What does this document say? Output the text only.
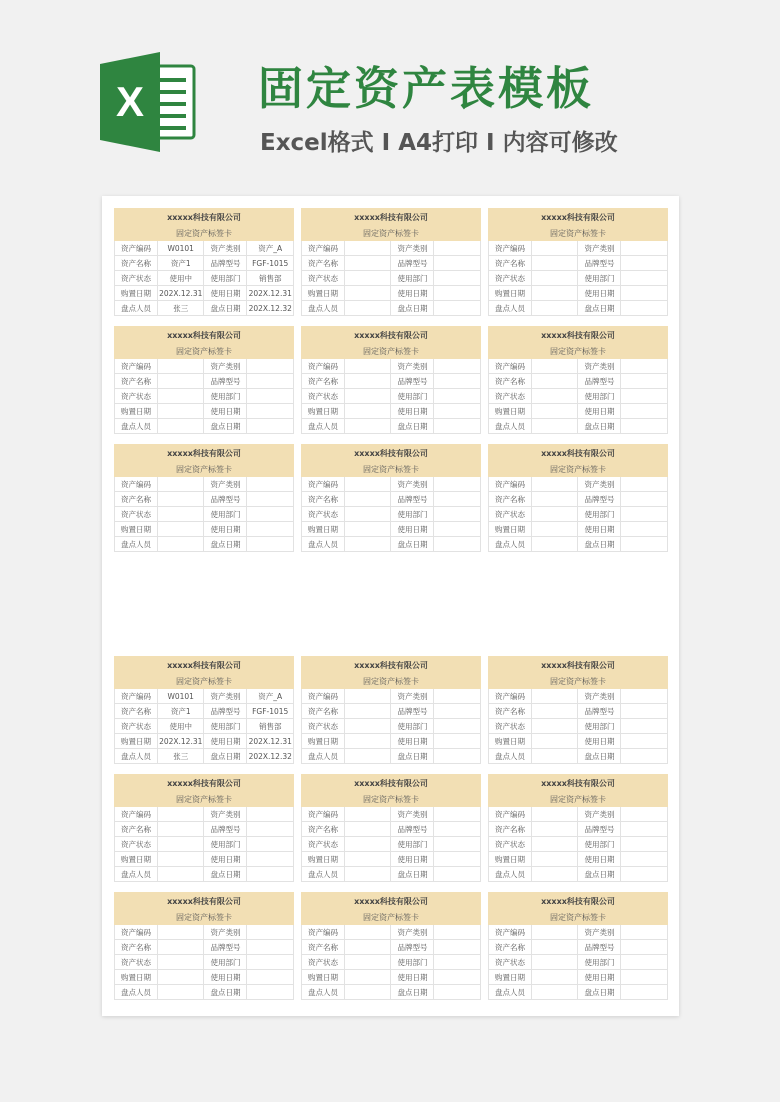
X	固定资产表模板
Excel格式 I A4打印 I 内容可修改
xxxxx科技有限公司			
固定资产标签卡			
资产编码	W0101	资产类别	资产_A
资产名称	资产1	品牌型号	FGF-1015
资产状态	使用中	使用部门	销售部
购置日期	202X.12.31	使用日期	202X.12.31
盘点人员	张三	盘点日期	202X.12.32
xxxxx科技有限公司			
固定资产标签卡			
资产编码		资产类别	
资产名称		品牌型号	
资产状态		使用部门	
购置日期		使用日期	
盘点人员		盘点日期	
xxxxx科技有限公司			
固定资产标签卡			
资产编码		资产类别	
资产名称		品牌型号	
资产状态		使用部门	
购置日期		使用日期	
盘点人员		盘点日期	
xxxxx科技有限公司			
固定资产标签卡			
资产编码		资产类别	
资产名称		品牌型号	
资产状态		使用部门	
购置日期		使用日期	
盘点人员		盘点日期	
xxxxx科技有限公司			
固定资产标签卡			
资产编码		资产类别	
资产名称		品牌型号	
资产状态		使用部门	
购置日期		使用日期	
盘点人员		盘点日期	
xxxxx科技有限公司			
固定资产标签卡			
资产编码		资产类别	
资产名称		品牌型号	
资产状态		使用部门	
购置日期		使用日期	
盘点人员		盘点日期	
xxxxx科技有限公司			
固定资产标签卡			
资产编码		资产类别	
资产名称		品牌型号	
资产状态		使用部门	
购置日期		使用日期	
盘点人员		盘点日期	
xxxxx科技有限公司			
固定资产标签卡			
资产编码		资产类别	
资产名称		品牌型号	
资产状态		使用部门	
购置日期		使用日期	
盘点人员		盘点日期	
xxxxx科技有限公司			
固定资产标签卡			
资产编码		资产类别	
资产名称		品牌型号	
资产状态		使用部门	
购置日期		使用日期	
盘点人员		盘点日期	
xxxxx科技有限公司			
固定资产标签卡			
资产编码	W0101	资产类别	资产_A
资产名称	资产1	品牌型号	FGF-1015
资产状态	使用中	使用部门	销售部
购置日期	202X.12.31	使用日期	202X.12.31
盘点人员	张三	盘点日期	202X.12.32
xxxxx科技有限公司			
固定资产标签卡			
资产编码		资产类别	
资产名称		品牌型号	
资产状态		使用部门	
购置日期		使用日期	
盘点人员		盘点日期	
xxxxx科技有限公司			
固定资产标签卡			
资产编码		资产类别	
资产名称		品牌型号	
资产状态		使用部门	
购置日期		使用日期	
盘点人员		盘点日期	
xxxxx科技有限公司			
固定资产标签卡			
资产编码		资产类别	
资产名称		品牌型号	
资产状态		使用部门	
购置日期		使用日期	
盘点人员		盘点日期	
xxxxx科技有限公司			
固定资产标签卡			
资产编码		资产类别	
资产名称		品牌型号	
资产状态		使用部门	
购置日期		使用日期	
盘点人员		盘点日期	
xxxxx科技有限公司			
固定资产标签卡			
资产编码		资产类别	
资产名称		品牌型号	
资产状态		使用部门	
购置日期		使用日期	
盘点人员		盘点日期	
xxxxx科技有限公司			
固定资产标签卡			
资产编码		资产类别	
资产名称		品牌型号	
资产状态		使用部门	
购置日期		使用日期	
盘点人员		盘点日期	
xxxxx科技有限公司			
固定资产标签卡			
资产编码		资产类别	
资产名称		品牌型号	
资产状态		使用部门	
购置日期		使用日期	
盘点人员		盘点日期	
xxxxx科技有限公司			
固定资产标签卡			
资产编码		资产类别	
资产名称		品牌型号	
资产状态		使用部门	
购置日期		使用日期	
盘点人员		盘点日期	
